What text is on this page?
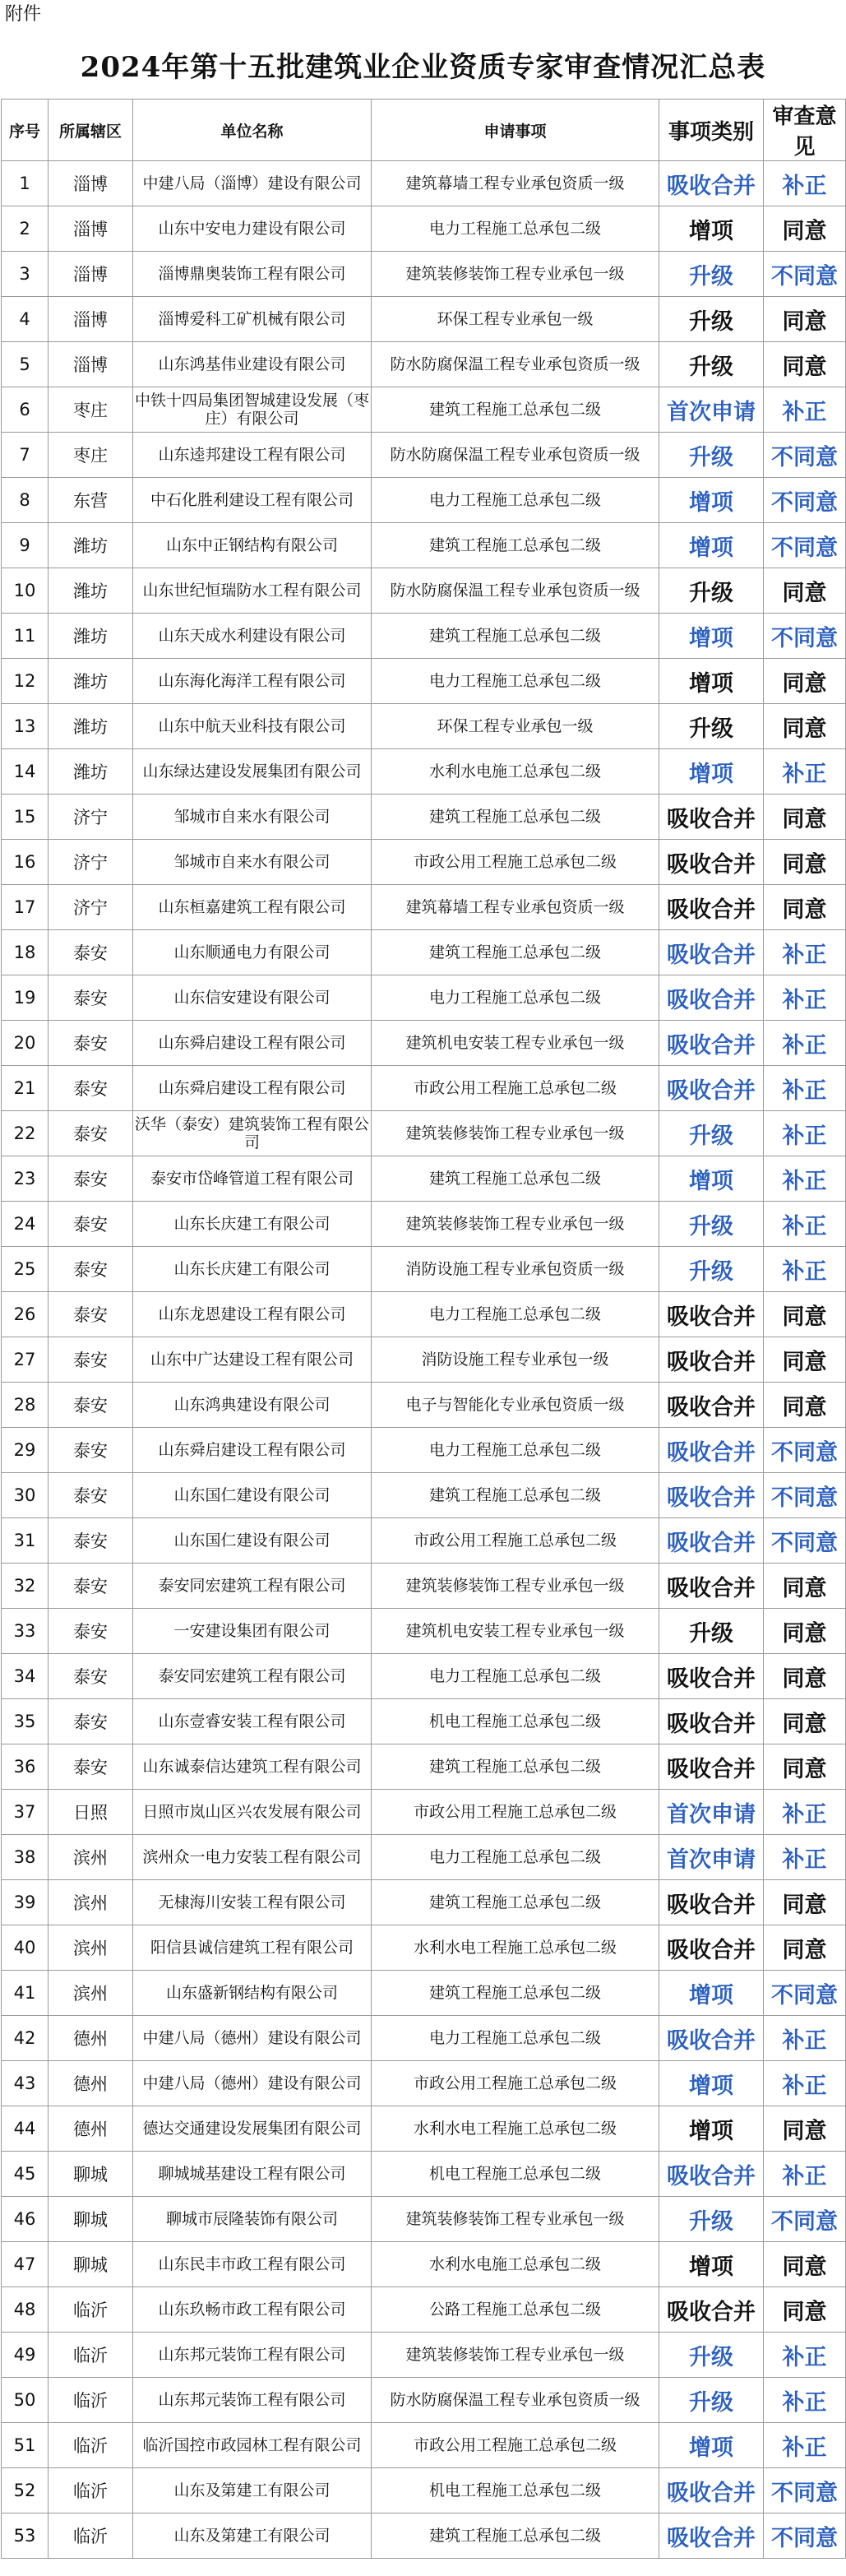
附件
2024年第十五批建筑业企业资质专家审查情况汇总表
序号	所属辖区	单位名称	申请事项	事项类别	审查意见
1	淄博	中建八局（淄博）建设有限公司	建筑幕墙工程专业承包资质一级	吸收合并	补正
2	淄博	山东中安电力建设有限公司	电力工程施工总承包二级	增项	同意
3	淄博	淄博鼎奥装饰工程有限公司	建筑装修装饰工程专业承包一级	升级	不同意
4	淄博	淄博爱科工矿机械有限公司	环保工程专业承包一级	升级	同意
5	淄博	山东鸿基伟业建设有限公司	防水防腐保温工程专业承包资质一级	升级	同意
6	枣庄	中铁十四局集团智城建设发展（枣庄）有限公司	建筑工程施工总承包二级	首次申请	补正
7	枣庄	山东逵邦建设工程有限公司	防水防腐保温工程专业承包资质一级	升级	不同意
8	东营	中石化胜利建设工程有限公司	电力工程施工总承包二级	增项	不同意
9	潍坊	山东中正钢结构有限公司	建筑工程施工总承包二级	增项	不同意
10	潍坊	山东世纪恒瑞防水工程有限公司	防水防腐保温工程专业承包资质一级	升级	同意
11	潍坊	山东天成水利建设有限公司	建筑工程施工总承包二级	增项	不同意
12	潍坊	山东海化海洋工程有限公司	电力工程施工总承包二级	增项	同意
13	潍坊	山东中航天业科技有限公司	环保工程专业承包一级	升级	同意
14	潍坊	山东绿达建设发展集团有限公司	水利水电施工总承包二级	增项	补正
15	济宁	邹城市自来水有限公司	建筑工程施工总承包二级	吸收合并	同意
16	济宁	邹城市自来水有限公司	市政公用工程施工总承包二级	吸收合并	同意
17	济宁	山东桓嘉建筑工程有限公司	建筑幕墙工程专业承包资质一级	吸收合并	同意
18	泰安	山东顺通电力有限公司	建筑工程施工总承包二级	吸收合并	补正
19	泰安	山东信安建设有限公司	电力工程施工总承包二级	吸收合并	补正
20	泰安	山东舜启建设工程有限公司	建筑机电安装工程专业承包一级	吸收合并	补正
21	泰安	山东舜启建设工程有限公司	市政公用工程施工总承包二级	吸收合并	补正
22	泰安	沃华（泰安）建筑装饰工程有限公司	建筑装修装饰工程专业承包一级	升级	补正
23	泰安	泰安市岱峰管道工程有限公司	建筑工程施工总承包二级	增项	补正
24	泰安	山东长庆建工有限公司	建筑装修装饰工程专业承包一级	升级	补正
25	泰安	山东长庆建工有限公司	消防设施工程专业承包资质一级	升级	补正
26	泰安	山东龙恩建设工程有限公司	电力工程施工总承包二级	吸收合并	同意
27	泰安	山东中广达建设工程有限公司	消防设施工程专业承包一级	吸收合并	同意
28	泰安	山东鸿典建设有限公司	电子与智能化专业承包资质一级	吸收合并	同意
29	泰安	山东舜启建设工程有限公司	电力工程施工总承包二级	吸收合并	不同意
30	泰安	山东国仁建设有限公司	建筑工程施工总承包二级	吸收合并	不同意
31	泰安	山东国仁建设有限公司	市政公用工程施工总承包二级	吸收合并	不同意
32	泰安	泰安同宏建筑工程有限公司	建筑装修装饰工程专业承包一级	吸收合并	同意
33	泰安	一安建设集团有限公司	建筑机电安装工程专业承包一级	升级	同意
34	泰安	泰安同宏建筑工程有限公司	电力工程施工总承包二级	吸收合并	同意
35	泰安	山东壹睿安装工程有限公司	机电工程施工总承包二级	吸收合并	同意
36	泰安	山东诚泰信达建筑工程有限公司	建筑工程施工总承包二级	吸收合并	同意
37	日照	日照市岚山区兴农发展有限公司	市政公用工程施工总承包二级	首次申请	补正
38	滨州	滨州众一电力安装工程有限公司	电力工程施工总承包二级	首次申请	补正
39	滨州	无棣海川安装工程有限公司	建筑工程施工总承包二级	吸收合并	同意
40	滨州	阳信县诚信建筑工程有限公司	水利水电工程施工总承包二级	吸收合并	同意
41	滨州	山东盛新钢结构有限公司	建筑工程施工总承包二级	增项	不同意
42	德州	中建八局（德州）建设有限公司	电力工程施工总承包二级	吸收合并	补正
43	德州	中建八局（德州）建设有限公司	市政公用工程施工总承包二级	增项	补正
44	德州	德达交通建设发展集团有限公司	水利水电工程施工总承包二级	增项	同意
45	聊城	聊城城基建设工程有限公司	机电工程施工总承包二级	吸收合并	补正
46	聊城	聊城市辰隆装饰有限公司	建筑装修装饰工程专业承包一级	升级	不同意
47	聊城	山东民丰市政工程有限公司	水利水电施工总承包二级	增项	同意
48	临沂	山东玖畅市政工程有限公司	公路工程施工总承包二级	吸收合并	同意
49	临沂	山东邦元装饰工程有限公司	建筑装修装饰工程专业承包一级	升级	补正
50	临沂	山东邦元装饰工程有限公司	防水防腐保温工程专业承包资质一级	升级	补正
51	临沂	临沂国控市政园林工程有限公司	市政公用工程施工总承包二级	增项	补正
52	临沂	山东及第建工有限公司	机电工程施工总承包二级	吸收合并	不同意
53	临沂	山东及第建工有限公司	建筑工程施工总承包二级	吸收合并	不同意
